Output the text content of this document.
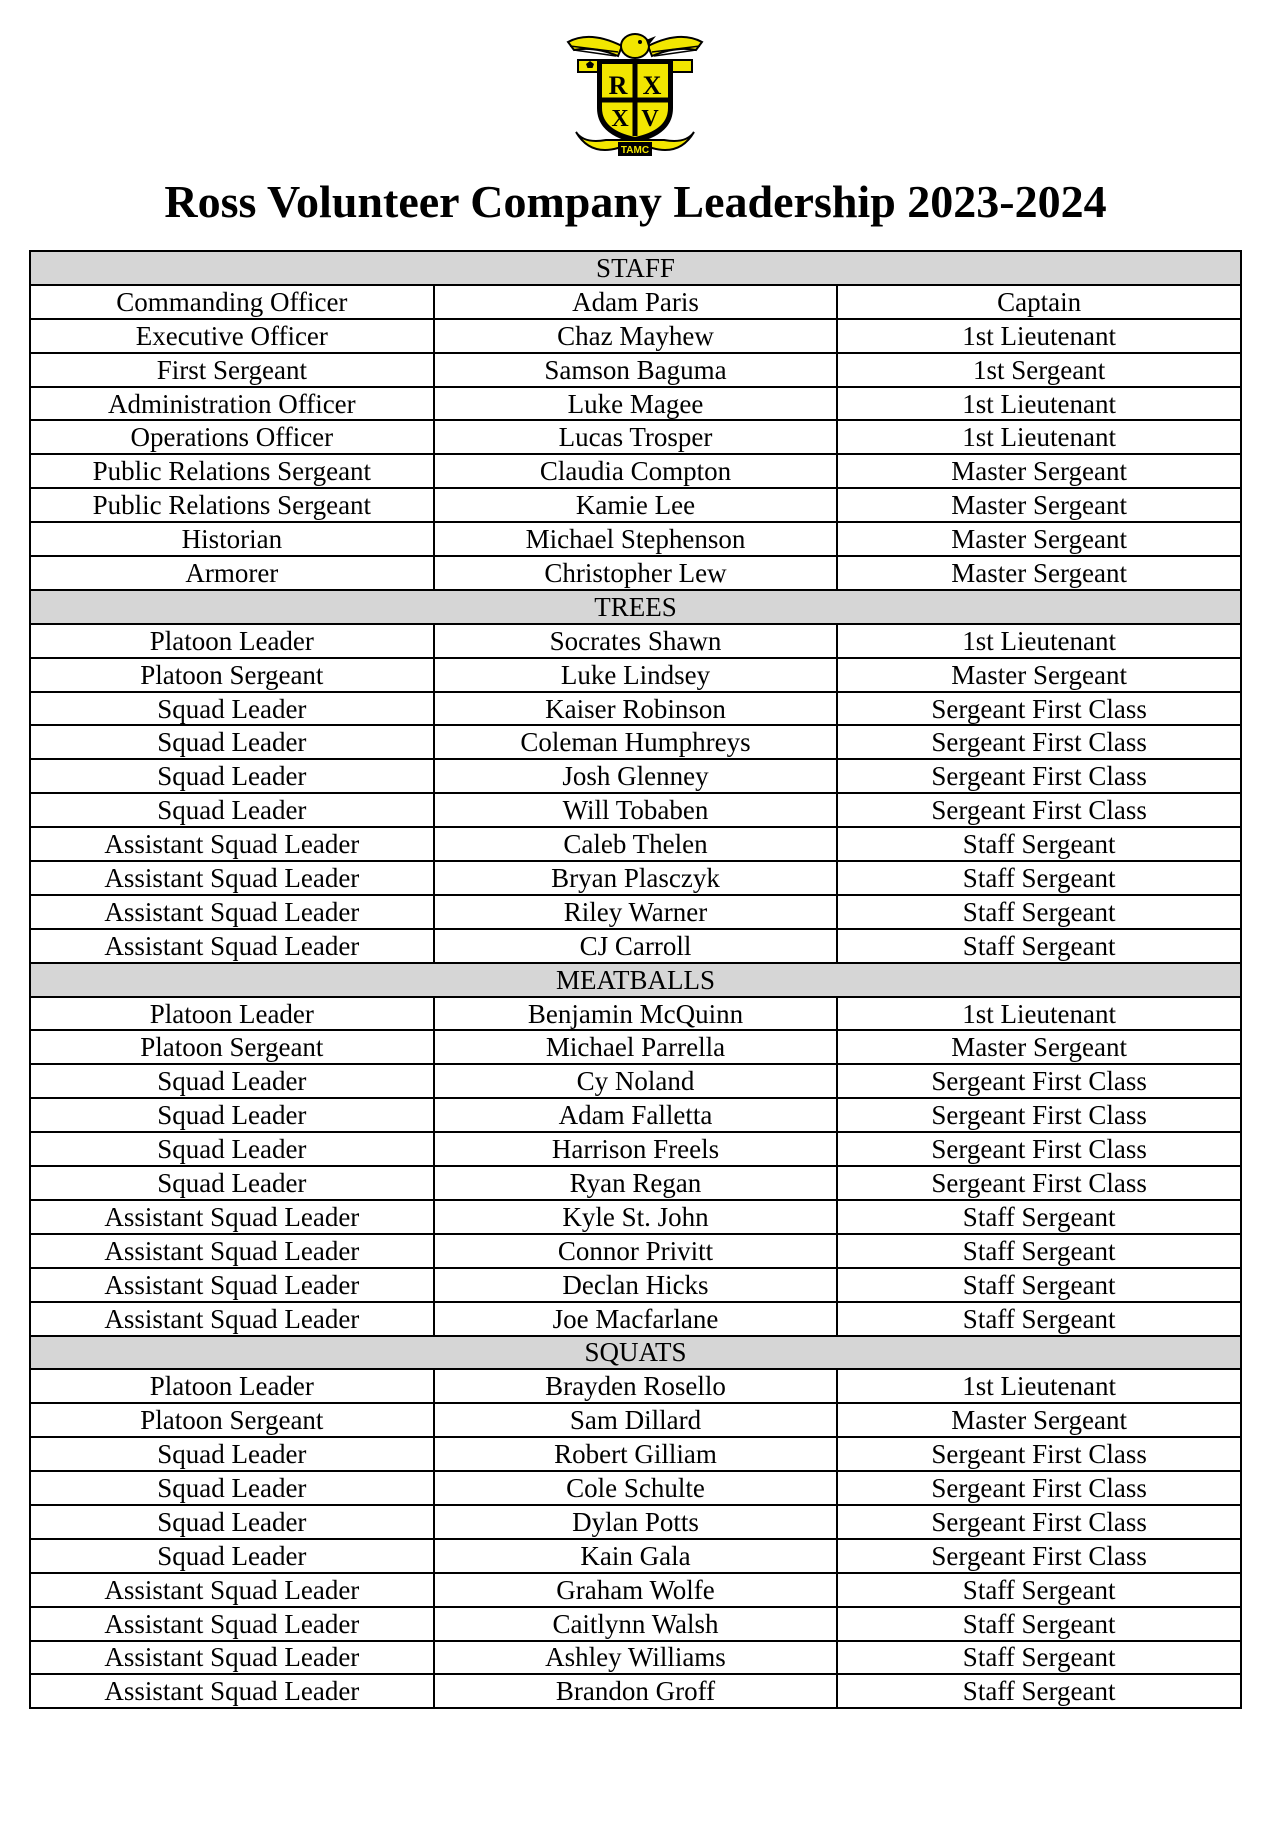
R X
X V
TAMC
Ross Volunteer Company Leadership 2023-2024
STAFF		
Commanding Officer	Adam Paris	Captain
Executive Officer	Chaz Mayhew	1st Lieutenant
First Sergeant	Samson Baguma	1st Sergeant
Administration Officer	Luke Magee	1st Lieutenant
Operations Officer	Lucas Trosper	1st Lieutenant
Public Relations Sergeant	Claudia Compton	Master Sergeant
Public Relations Sergeant	Kamie Lee	Master Sergeant
Historian	Michael Stephenson	Master Sergeant
Armorer	Christopher Lew	Master Sergeant
TREES		
Platoon Leader	Socrates Shawn	1st Lieutenant
Platoon Sergeant	Luke Lindsey	Master Sergeant
Squad Leader	Kaiser Robinson	Sergeant First Class
Squad Leader	Coleman Humphreys	Sergeant First Class
Squad Leader	Josh Glenney	Sergeant First Class
Squad Leader	Will Tobaben	Sergeant First Class
Assistant Squad Leader	Caleb Thelen	Staff Sergeant
Assistant Squad Leader	Bryan Plasczyk	Staff Sergeant
Assistant Squad Leader	Riley Warner	Staff Sergeant
Assistant Squad Leader	CJ Carroll	Staff Sergeant
MEATBALLS		
Platoon Leader	Benjamin McQuinn	1st Lieutenant
Platoon Sergeant	Michael Parrella	Master Sergeant
Squad Leader	Cy Noland	Sergeant First Class
Squad Leader	Adam Falletta	Sergeant First Class
Squad Leader	Harrison Freels	Sergeant First Class
Squad Leader	Ryan Regan	Sergeant First Class
Assistant Squad Leader	Kyle St. John	Staff Sergeant
Assistant Squad Leader	Connor Privitt	Staff Sergeant
Assistant Squad Leader	Declan Hicks	Staff Sergeant
Assistant Squad Leader	Joe Macfarlane	Staff Sergeant
SQUATS		
Platoon Leader	Brayden Rosello	1st Lieutenant
Platoon Sergeant	Sam Dillard	Master Sergeant
Squad Leader	Robert Gilliam	Sergeant First Class
Squad Leader	Cole Schulte	Sergeant First Class
Squad Leader	Dylan Potts	Sergeant First Class
Squad Leader	Kain Gala	Sergeant First Class
Assistant Squad Leader	Graham Wolfe	Staff Sergeant
Assistant Squad Leader	Caitlynn Walsh	Staff Sergeant
Assistant Squad Leader	Ashley Williams	Staff Sergeant
Assistant Squad Leader	Brandon Groff	Staff Sergeant
